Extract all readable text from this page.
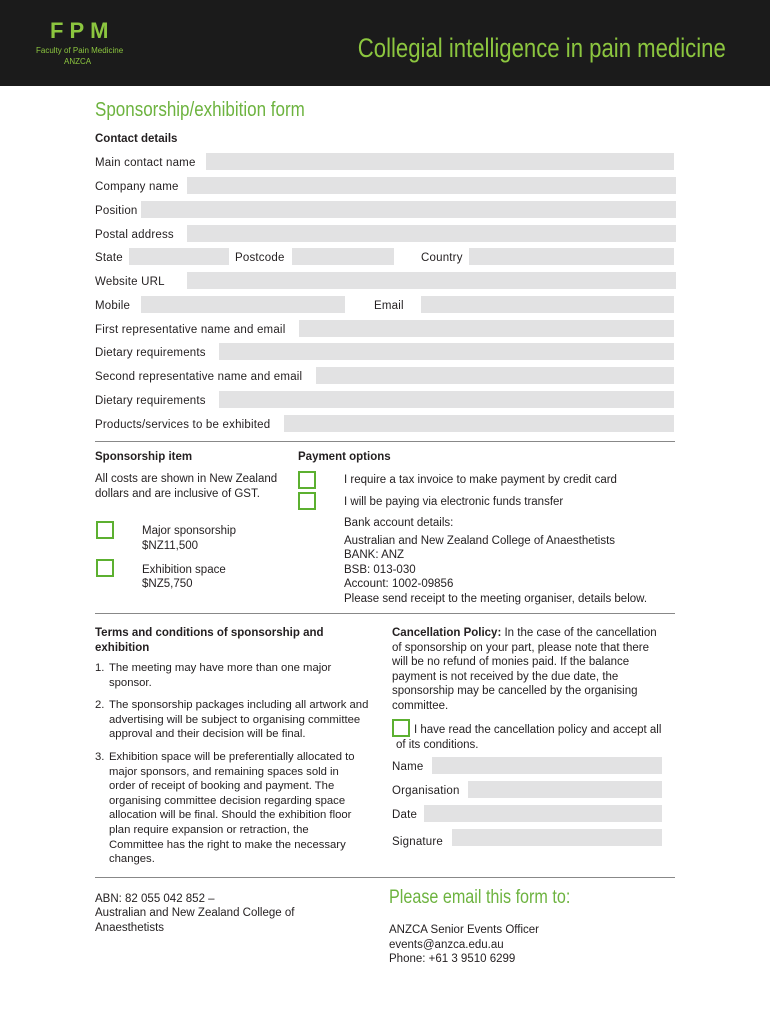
FPM
Faculty of Pain Medicine
ANZCA	Collegial intelligence in pain medicine
Sponsorship/exhibition form
Contact details
Main contact name
Company name
Position
Postal address
State	Postcode	Country
Website URL
Mobile	Email
First representative name and email
Dietary requirements
Second representative name and email
Dietary requirements
Products/services to be exhibited
Sponsorship item
All costs are shown in New Zealand dollars and are inclusive of GST.
Major sponsorship
$NZ11,500
Exhibition space
$NZ5,750
Payment options
I require a tax invoice to make payment by credit card
I will be paying via electronic funds transfer
Bank account details:
Australian and New Zealand College of Anaesthetists
BANK: ANZ
BSB: 013-030
Account: 1002-09856
Please send receipt to the meeting organiser, details below.
Terms and conditions of sponsorship and exhibition
1. The meeting may have more than one major sponsor.
2. The sponsorship packages including all artwork and advertising will be subject to organising committee approval and their decision will be final.
3. Exhibition space will be preferentially allocated to major sponsors, and remaining spaces sold in order of receipt of booking and payment. The organising committee decision regarding space allocation will be final. Should the exhibition floor plan require expansion or retraction, the Committee has the right to make the necessary changes.
Cancellation Policy: In the case of the cancellation of sponsorship on your part, please note that there will be no refund of monies paid. If the balance payment is not received by the due date, the sponsorship may be cancelled by the organising committee.
I have read the cancellation policy and accept all of its conditions.
Name
Organisation
Date
Signature
ABN: 82 055 042 852 –
Australian and New Zealand College of Anaesthetists
Please email this form to:
ANZCA Senior Events Officer
events@anzca.edu.au
Phone: +61 3 9510 6299
